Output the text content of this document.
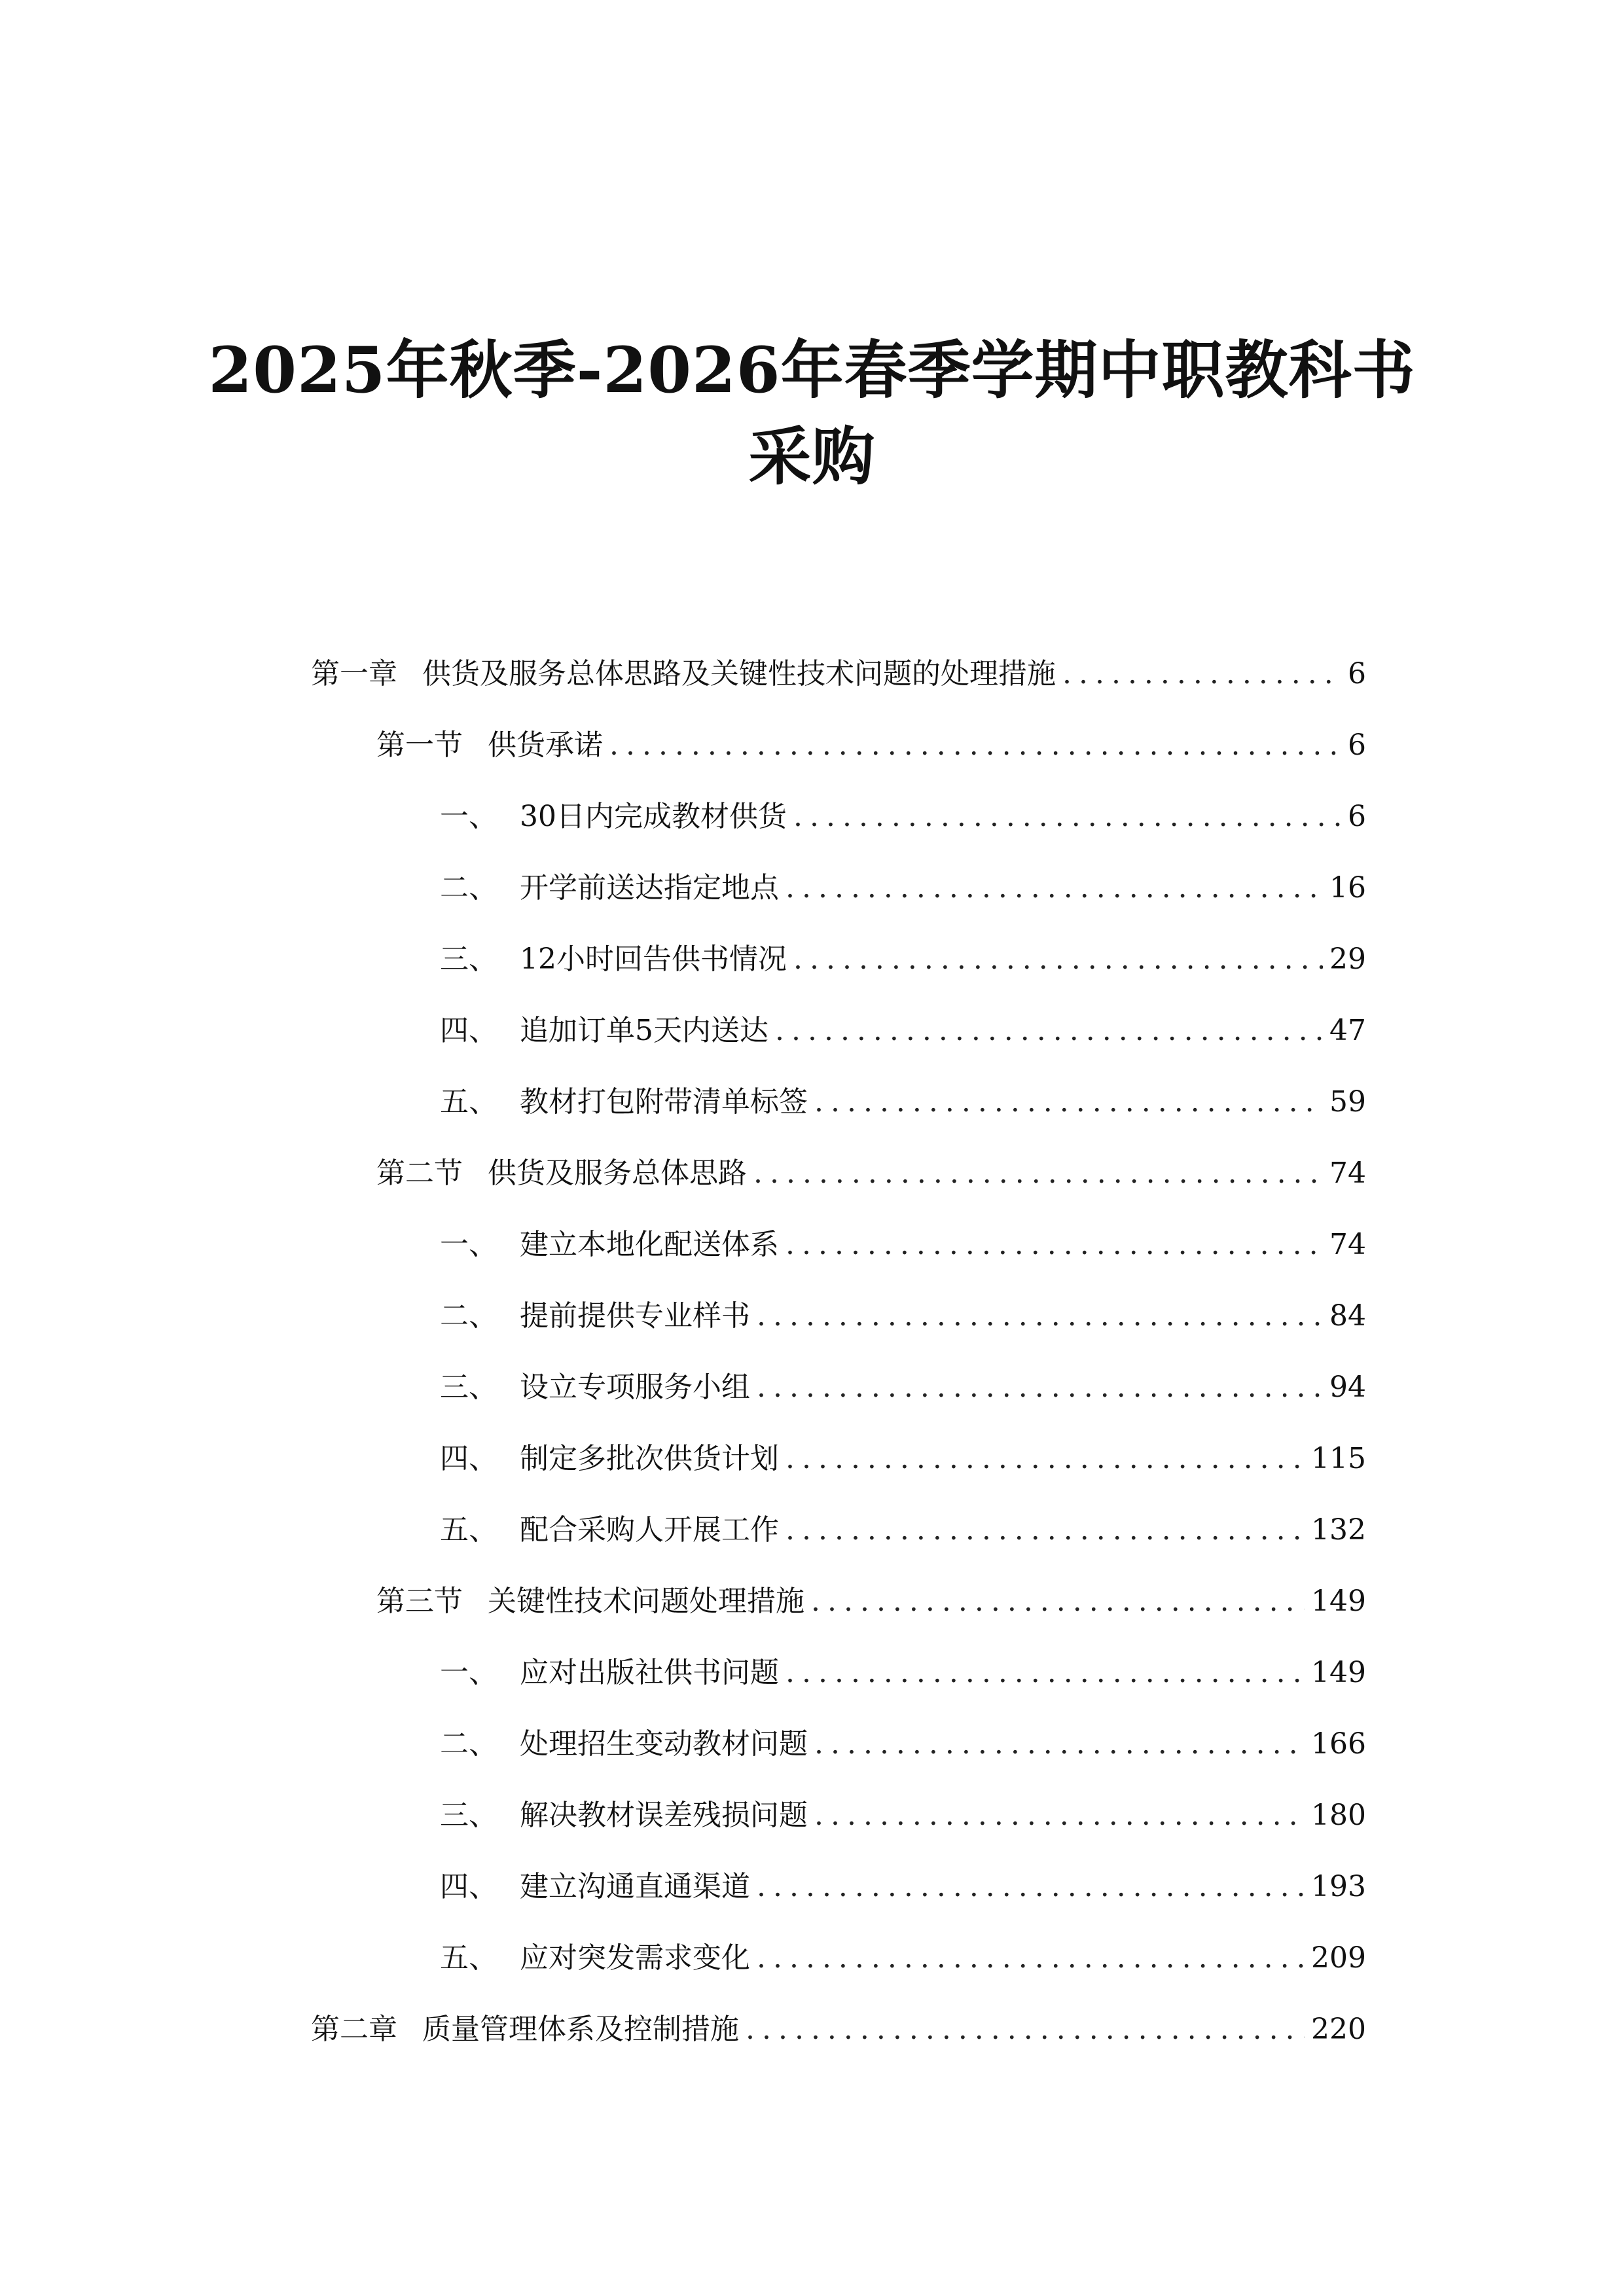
2025年秋季-2026年春季学期中职教科书
采购
第一章 供货及服务总体思路及关键性技术问题的处理措施 .....	6
第一节 供货承诺 .....	6
一、 30日内完成教材供货 .....	6
二、 开学前送达指定地点 .....	16
三、 12小时回告供书情况 .....	29
四、 追加订单5天内送达 .....	47
五、 教材打包附带清单标签 .....	59
第二节 供货及服务总体思路 .....	74
一、 建立本地化配送体系 .....	74
二、 提前提供专业样书 .....	84
三、 设立专项服务小组 .....	94
四、 制定多批次供货计划 .....	115
五、 配合采购人开展工作 .....	132
第三节 关键性技术问题处理措施 .....	149
一、 应对出版社供书问题 .....	149
二、 处理招生变动教材问题 .....	166
三、 解决教材误差残损问题 .....	180
四、 建立沟通直通渠道 .....	193
五、 应对突发需求变化 .....	209
第二章 质量管理体系及控制措施 .....	220
